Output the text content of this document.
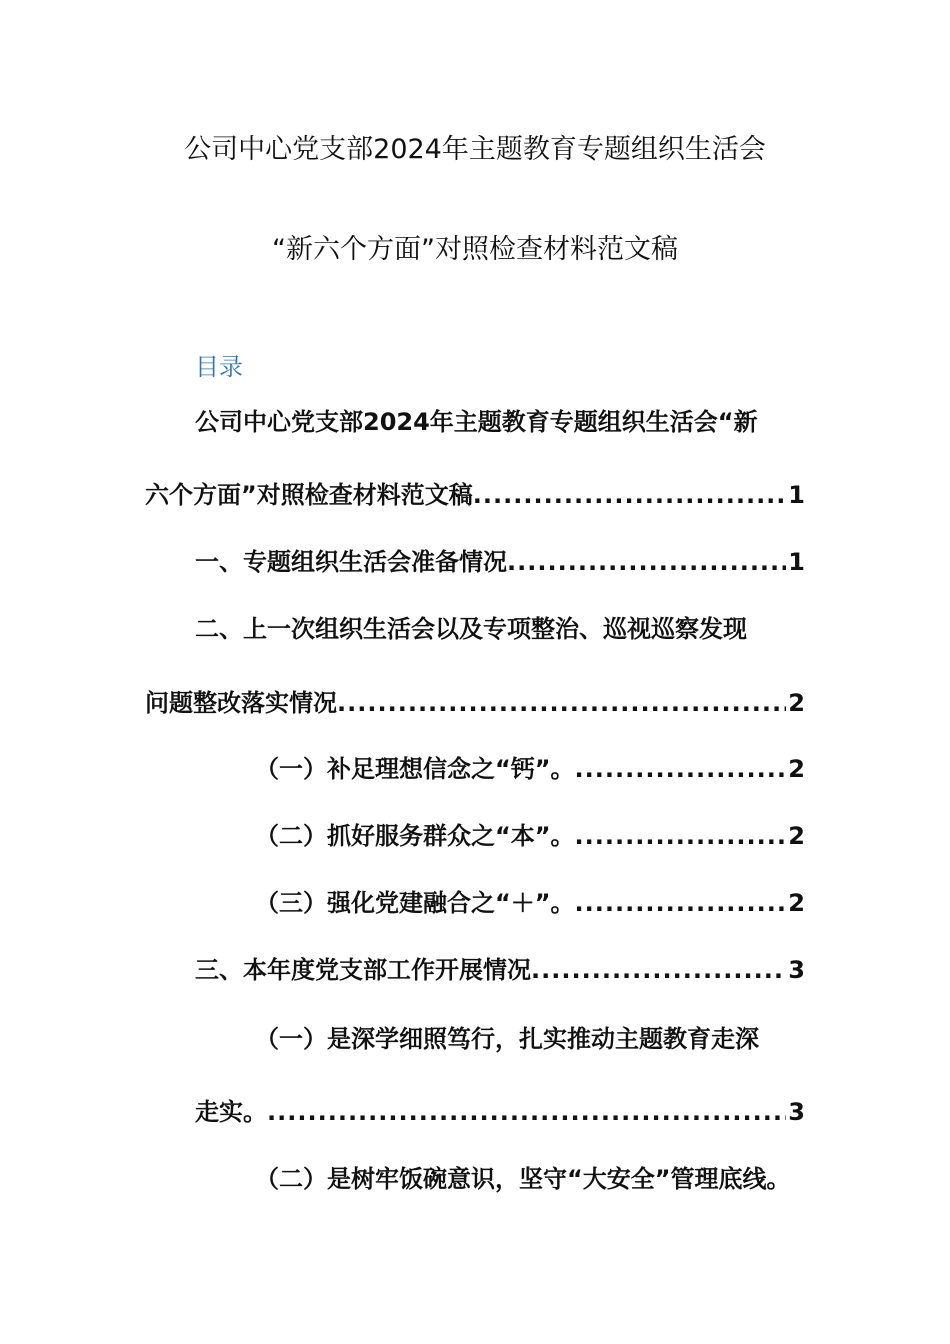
公司中心党支部2024年主题教育专题组织生活会
“新六个方面”对照检查材料范文稿
目录
公司中心党支部2024年主题教育专题组织生活会“新
六个方面”对照检查材料范文稿 .....	1
一、专题组织生活会准备情况 .....	1
二、上一次组织生活会以及专项整治、巡视巡察发现
问题整改落实情况 .....	2
（一）补足理想信念之“钙”。 .....	2
（二）抓好服务群众之“本”。 .....	2
（三）强化党建融合之“＋”。 .....	2
三、本年度党支部工作开展情况 .....	3
（一）是深学细照笃行，扎实推动主题教育走深
走实。 .....	3
（二）是树牢饭碗意识，坚守“大安全”管理底线。
